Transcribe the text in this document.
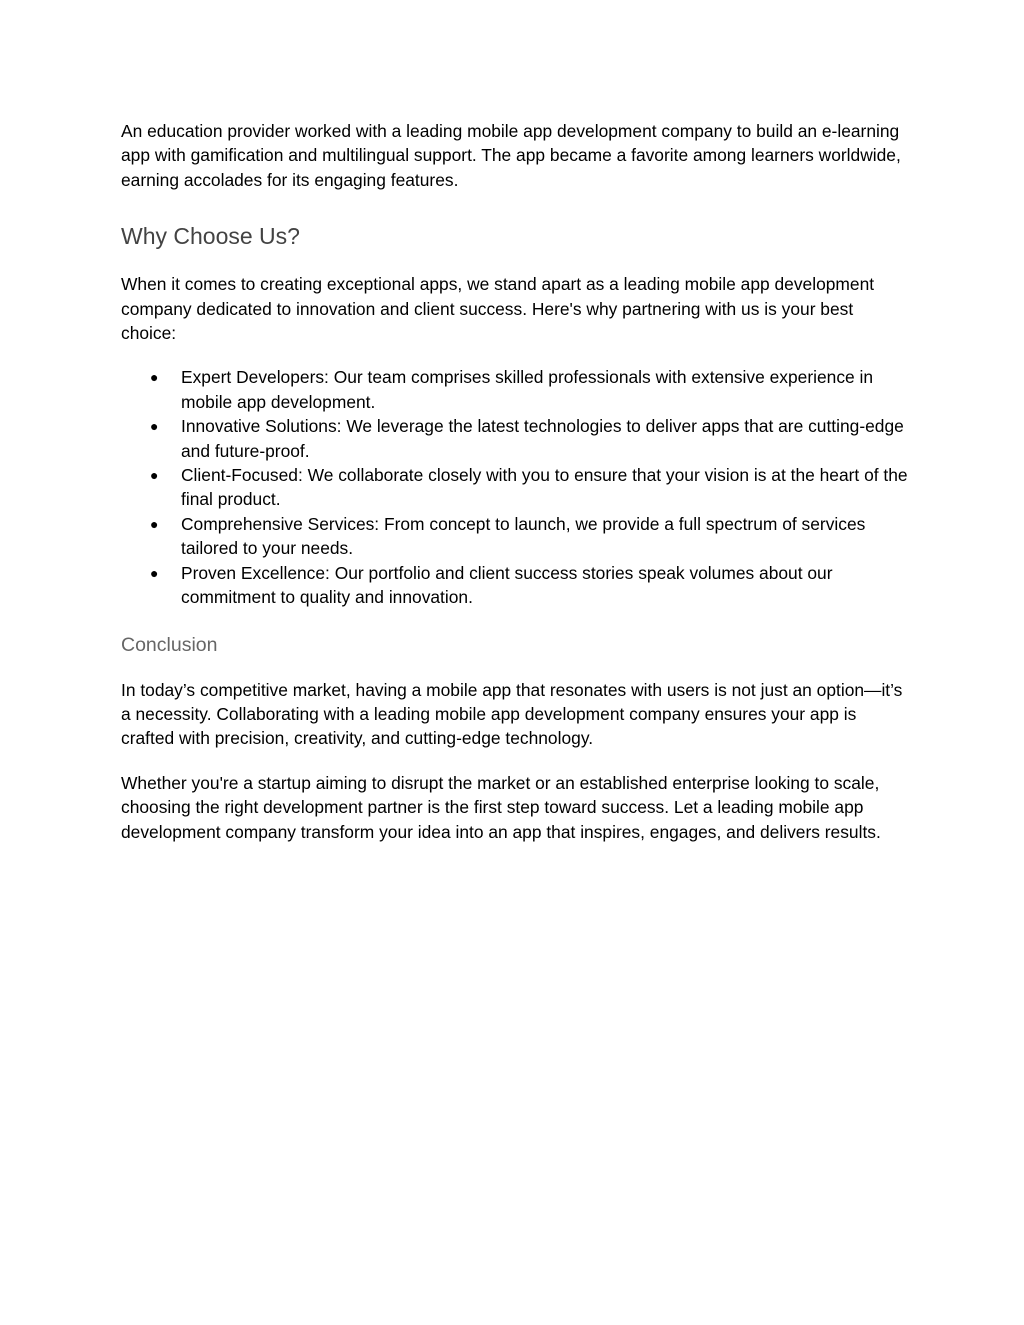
An education provider worked with a leading mobile app development company to build an e-learning app with gamification and multilingual support. The app became a favorite among learners worldwide, earning accolades for its engaging features.

Why Choose Us?

When it comes to creating exceptional apps, we stand apart as a leading mobile app development company dedicated to innovation and client success. Here's why partnering with us is your best choice:

● Expert Developers: Our team comprises skilled professionals with extensive experience in mobile app development.
● Innovative Solutions: We leverage the latest technologies to deliver apps that are cutting-edge and future-proof.
● Client-Focused: We collaborate closely with you to ensure that your vision is at the heart of the final product.
● Comprehensive Services: From concept to launch, we provide a full spectrum of services tailored to your needs.
● Proven Excellence: Our portfolio and client success stories speak volumes about our commitment to quality and innovation.
Conclusion

In today’s competitive market, having a mobile app that resonates with users is not just an option—it’s a necessity. Collaborating with a leading mobile app development company ensures your app is crafted with precision, creativity, and cutting-edge technology.

Whether you're a startup aiming to disrupt the market or an established enterprise looking to scale, choosing the right development partner is the first step toward success. Let a leading mobile app development company transform your idea into an app that inspires, engages, and delivers results.
